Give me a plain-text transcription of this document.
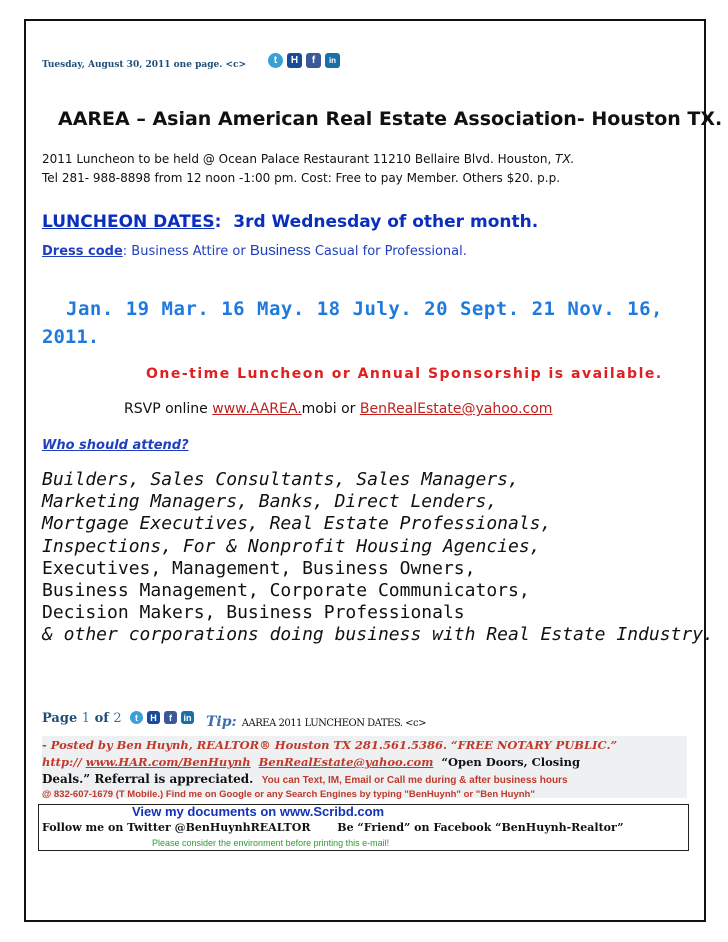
Tuesday, August 30, 2011 one page. <c>	t	H	f	in
AAREA – Asian American Real Estate Association- Houston TX.
2011 Luncheon to be held @ Ocean Palace Restaurant 11210 Bellaire Blvd. Houston, TX.
Tel 281- 988-8898 from 12 noon -1:00 pm. Cost: Free to pay Member. Others $20. p.p.
LUNCHEON DATES: 3rd Wednesday of other month.
Dress code: Business Attire or Business Casual for Professional.
Jan. 19 Mar. 16 May. 18 July. 20 Sept. 21 Nov. 16,
2011.
One-time Luncheon or Annual Sponsorship is available.
RSVP online www.AAREA.mobi or BenRealEstate@yahoo.com
Who should attend?
Builders, Sales Consultants, Sales Managers,
Marketing Managers, Banks, Direct Lenders,
Mortgage Executives, Real Estate Professionals,
Inspections, For & Nonprofit Housing Agencies,
Executives, Management, Business Owners,
Business Management, Corporate Communicators,
Decision Makers, Business Professionals
& other corporations doing business with Real Estate Industry.
Page 1 of 2	t	H	f	in Tip: AAREA 2011 LUNCHEON DATES. <c>
- Posted by Ben Huynh, REALTOR® Houston TX 281.561.5386. “FREE NOTARY PUBLIC.”
http:// www.HAR.com/BenHuynh BenRealEstate@yahoo.com “Open Doors, Closing
Deals.” Referral is appreciated. You can Text, IM, Email or Call me during & after business hours
@ 832-607-1679 (T Mobile.) Find me on Google or any Search Engines by typing "BenHuynh" or "Ben Huynh"
View my documents on www.Scribd.com
Follow me on Twitter @BenHuynhREALTOR Be “Friend” on Facebook “BenHuynh-Realtor”
Please consider the environment before printing this e-mail!
